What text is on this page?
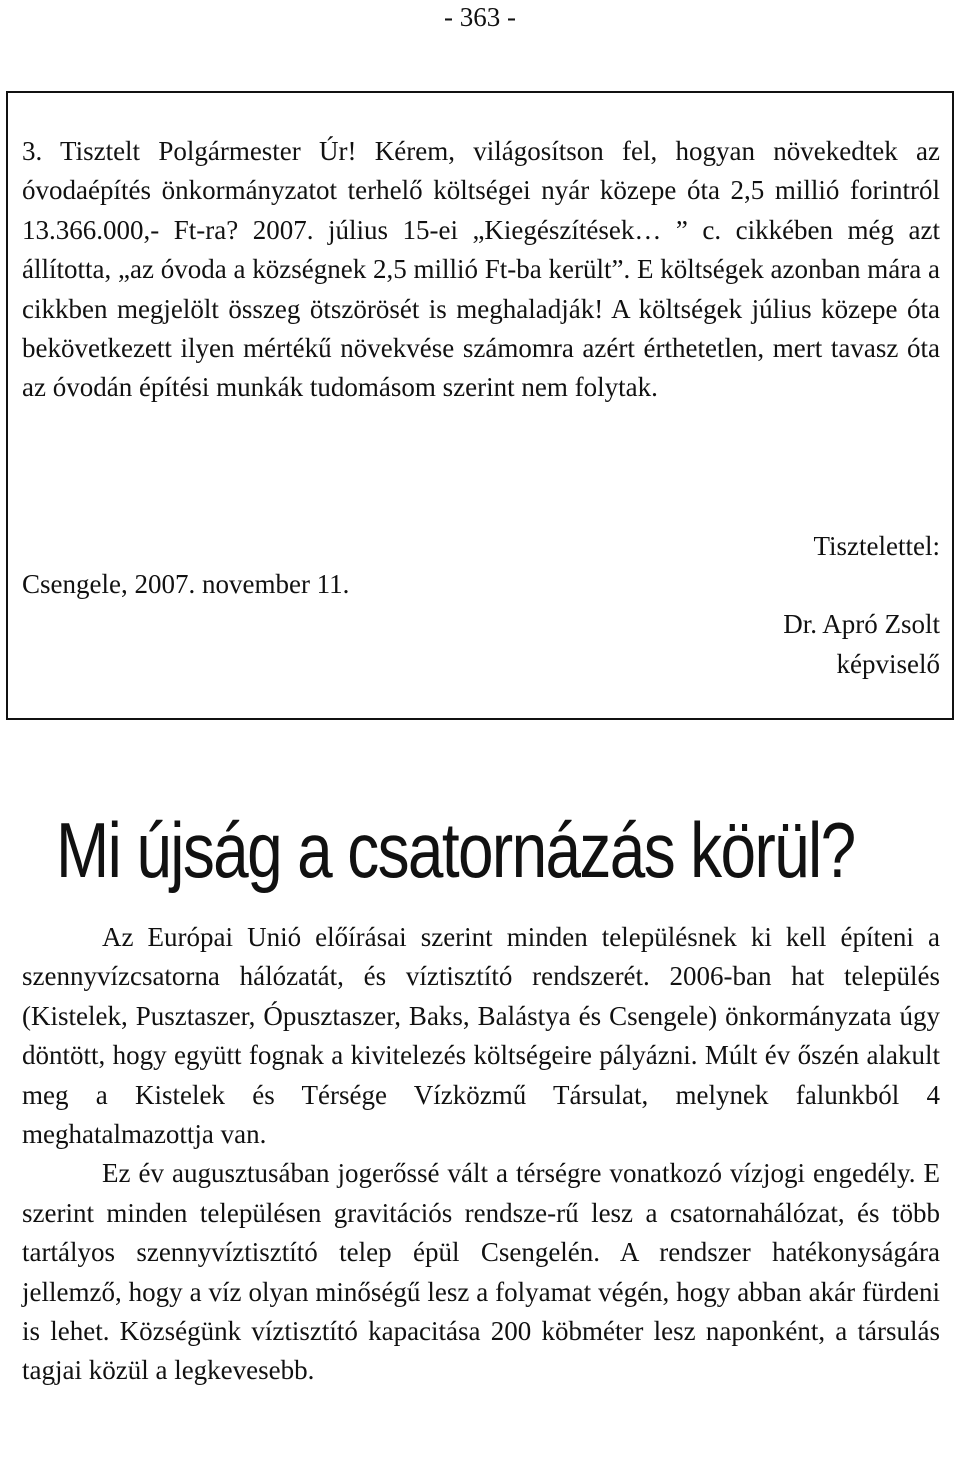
- 363 -

3. Tisztelt Polgármester Úr! Kérem, világosítson fel, hogyan növekedtek az óvodaépítés önkormányzatot terhelő költségei nyár közepe óta 2,5 millió forintról 13.366.000,- Ft-ra? 2007. július 15-ei „Kiegészítések… ” c. cikkében még azt állította, „az óvoda a községnek 2,5 millió Ft-ba került”. E költségek azonban mára a cikkben megjelölt összeg ötszörösét is meghaladják! A költségek július közepe óta bekövetkezett ilyen mértékű növekvése számomra azért érthetetlen, mert tavasz óta az óvodán építési munkák tudomásom szerint nem folytak.

Tisztelettel:
Csengele, 2007. november 11.
Dr. Apró Zsolt
képviselő
Mi újság a csatornázás körül?

Az Európai Unió előírásai szerint minden településnek ki kell építeni a szennyvízcsatorna hálózatát, és víztisztító rendszerét. 2006-ban hat település (Kistelek, Pusztaszer, Ópusztaszer, Baks, Balástya és Csengele) önkormányzata úgy döntött, hogy együtt fognak a kivitelezés költségeire pályázni. Múlt év őszén alakult meg a Kistelek és Térsége Vízközmű Társulat, melynek falunkból 4 meghatalmazottja van.

Ez év augusztusában jogerőssé vált a térségre vonatkozó vízjogi engedély. E szerint minden településen gravitációs rendsze-rű lesz a csatornahálózat, és több tartályos szennyvíztisztító telep épül Csengelén. A rendszer hatékonyságára jellemző, hogy a víz olyan minőségű lesz a folyamat végén, hogy abban akár fürdeni is lehet. Községünk víztisztító kapacitása 200 köbméter lesz naponként, a társulás tagjai közül a legkevesebb.
